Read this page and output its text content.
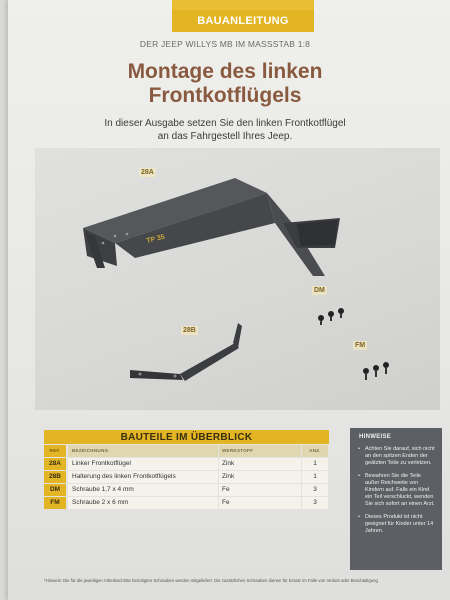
BAUANLEITUNG
DER JEEP WILLYS MB IM MASSSTAB 1:8
Montage des linken
Frontkotflügels
In dieser Ausgabe setzen Sie den linken Frontkotflügel
an das Fahrgestell Ihres Jeep.
TP 35
28A
28B
DM
FM
BAUTEILE IM ÜBERBLICK
REF.	BEZEICHNUNG	WERKSTOFF	ANZ.
28A	Linker Frontkotflügel	Zink	1
28B	Halterung des linken Frontkotflügels	Zink	1
DM	Schraube 1,7 x 4 mm	Fe	3
FM	Schraube 2 x 6 mm	Fe	3
HINWEISE
• Achten Sie darauf, sich nicht an den spitzen Enden der geätzten Teile zu verletzen.
• Bewahren Sie die Teile außer Reichweite von Kindern auf. Falls ein Kind ein Teil verschluckt, wenden Sie sich sofort an einen Arzt.
• Dieses Produkt ist nicht geeignet für Kinder unter 14 Jahren.
*Hinweis: Die für die jeweiligen Arbeitsschritte benötigten Schrauben werden mitgeliefert. Die zusätzlichen Schrauben dienen für Ersatz im Falle von Verlust oder Beschädigung
